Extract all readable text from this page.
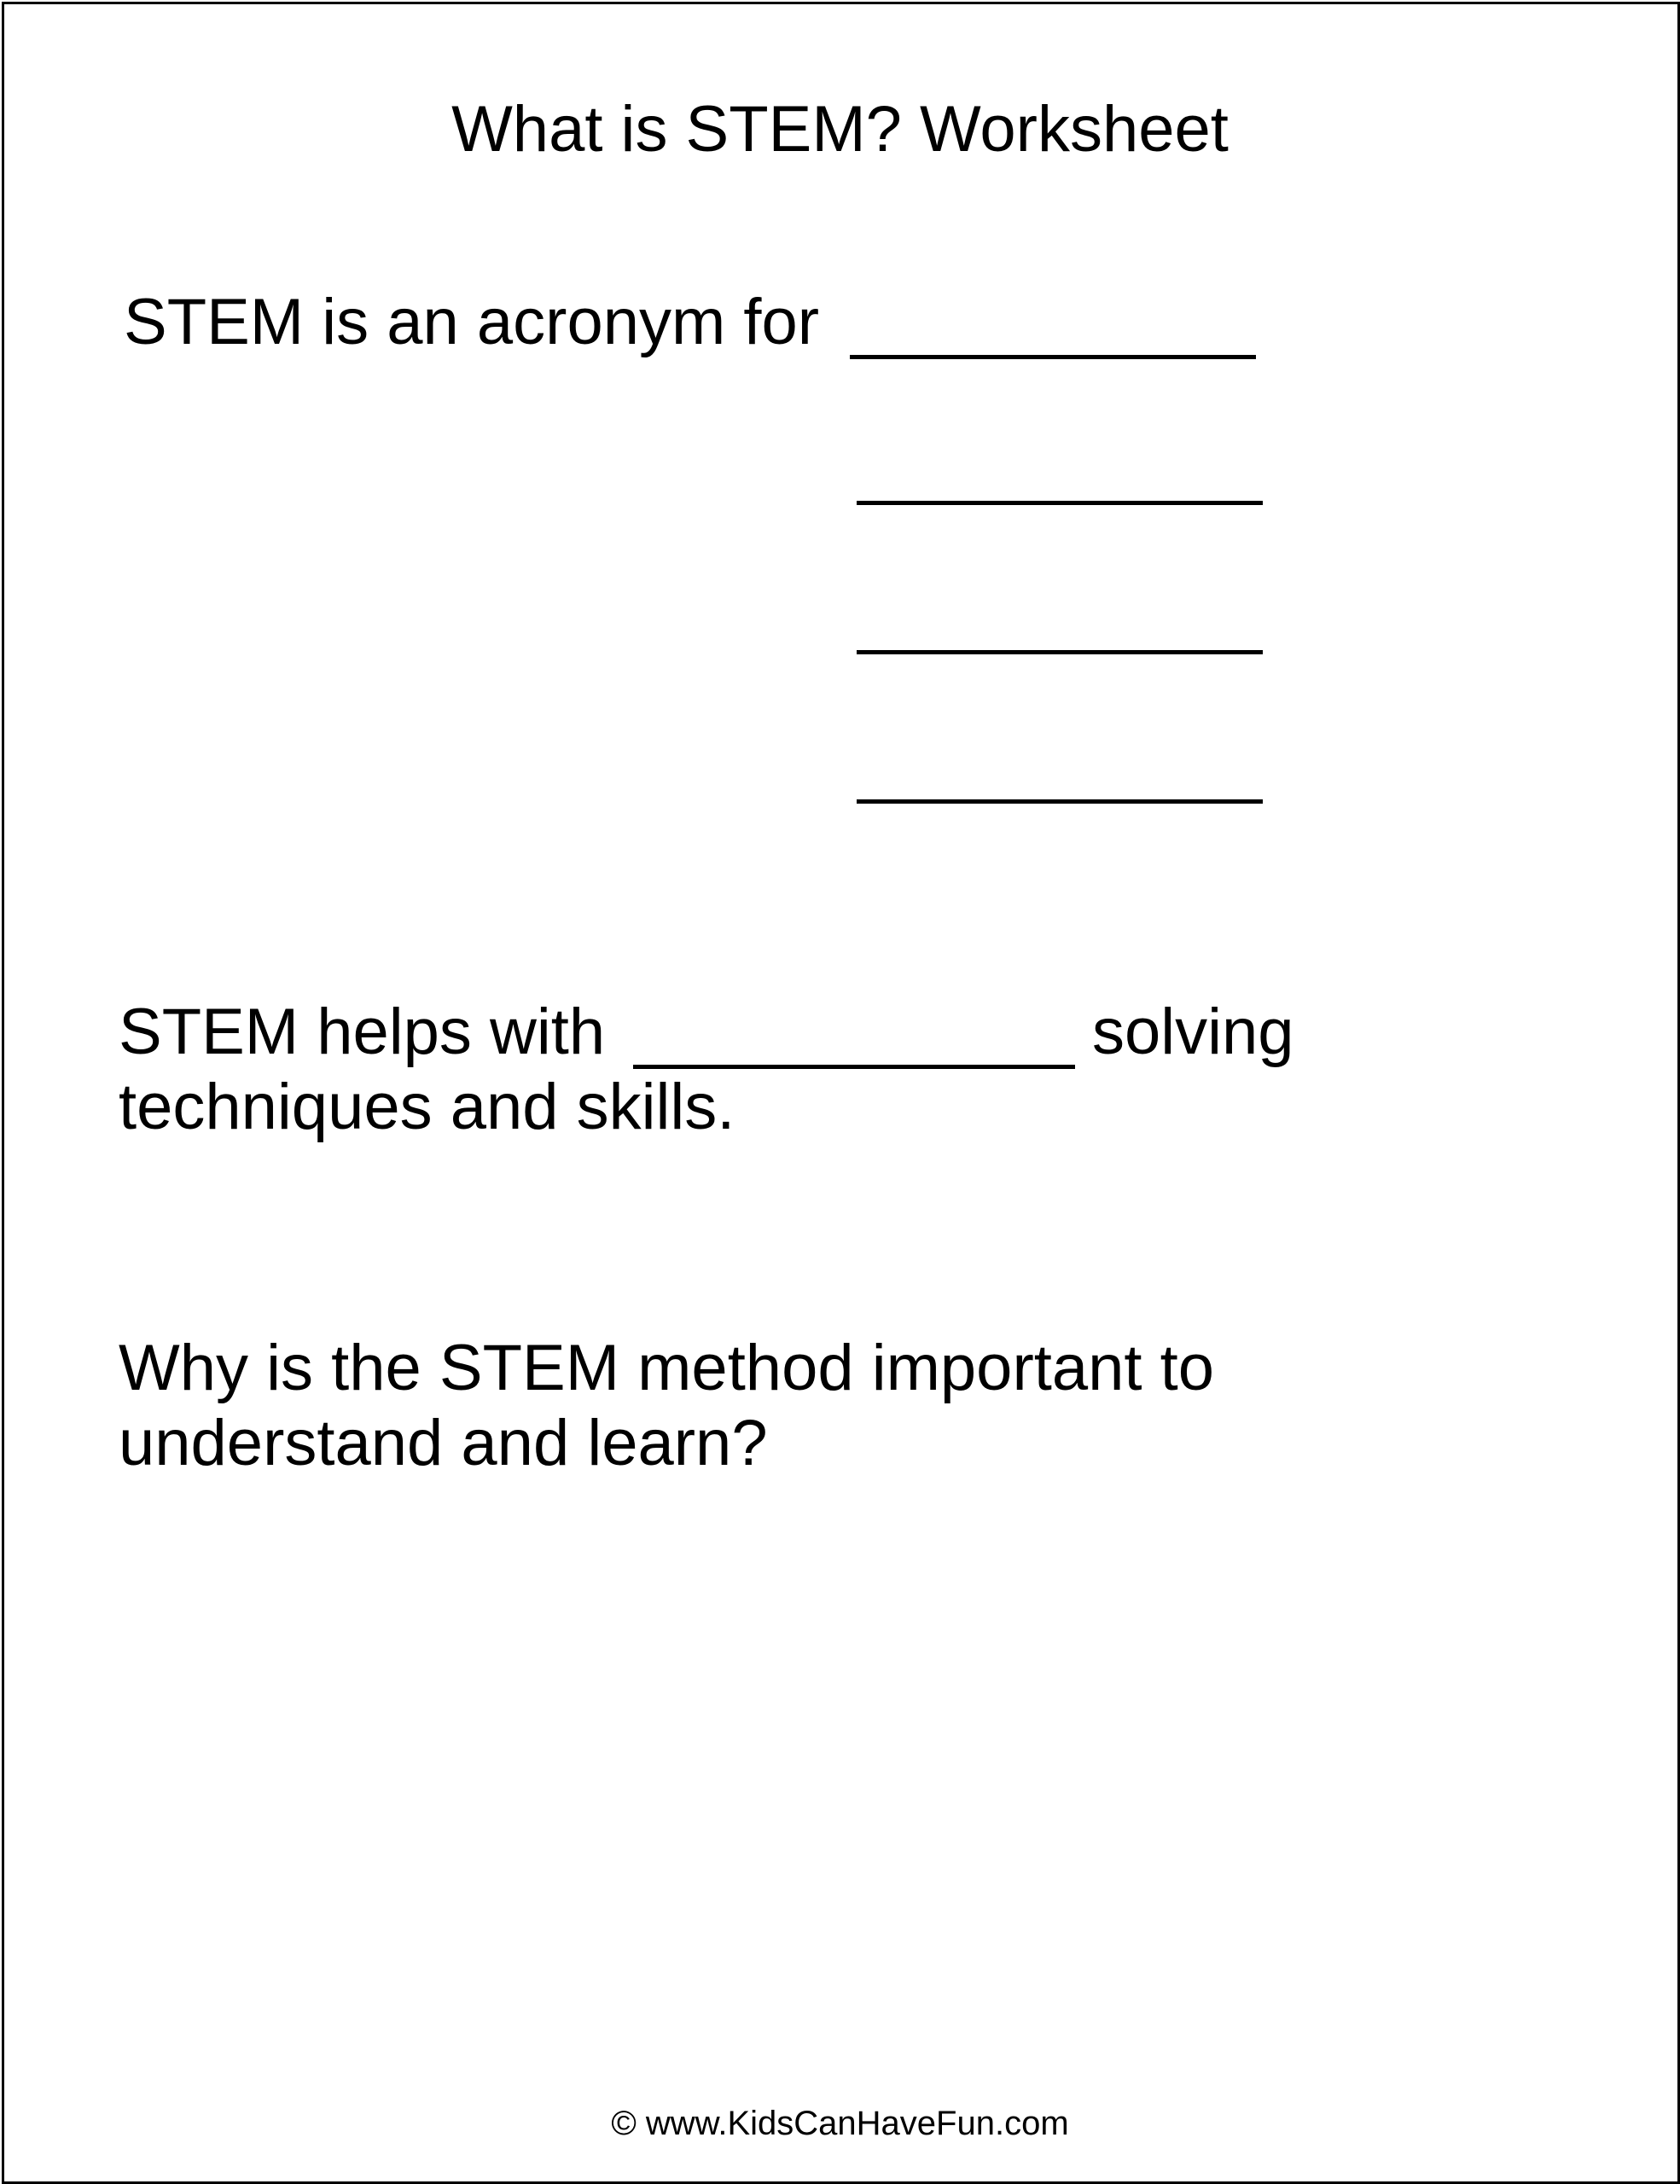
What is STEM? Worksheet
STEM is an acronym for
STEM helps with	solving
techniques and skills.
Why is the STEM method important to
understand and learn?
© www.KidsCanHaveFun.com
